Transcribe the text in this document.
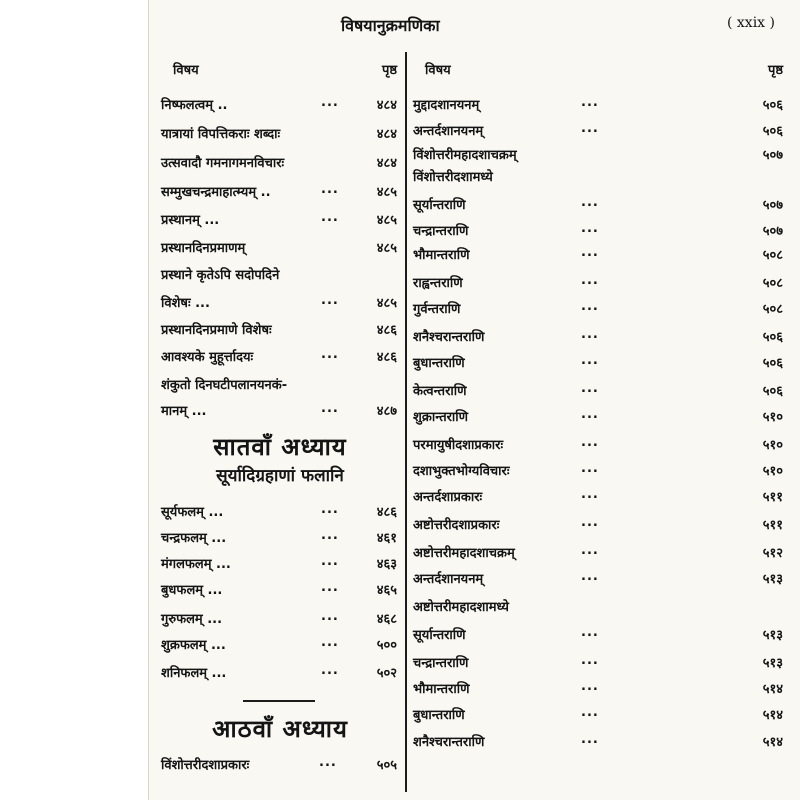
विषयानुक्रमणिका	( xxix )
विषय	पृष्ठ
निष्फलत्वम् ..	...	४८४
यात्रायां विपत्तिकराः शब्दाः	४८४
उत्सवादौ गमनागमनविचारः	४८४
सम्मुखचन्द्रमाहात्म्यम् ..	...	४८५
प्रस्थानम् ...	...	४८५
प्रस्थानदिनप्रमाणम्	४८५
प्रस्थाने कृतेऽपि सदोपदिने
विशेषः ...	...	४८५
प्रस्थानदिनप्रमाणे विशेषः	४८६
आवश्यके मुहूर्त्तादयः	...	४८६
शंकुतो दिनघटीपलानयनकं-
मानम् ...	...	४८७
सातवाँ अध्याय
सूर्यादिग्रहाणां फलानि
सूर्यफलम् ...	...	४८६
चन्द्रफलम् ...	...	४६१
मंगलफलम् ...	...	४६३
बुधफलम् ...	...	४६५
गुरुफलम् ...	...	४६८
शुक्रफलम् ...	...	५००
शनिफलम् ...	...	५०२
आठवाँ अध्याय
विंशोत्तरीदशाप्रकारः	...	५०५
विषय	पृष्ठ
मुद्दादशानयनम्	...	५०६
अन्तर्दशानयनम्	...	५०६
विंशोत्तरीमहादशाचक्रम्	५०७
विंशोत्तरीदशामध्ये
सूर्यान्तराणि	...	५०७
चन्द्रान्तराणि	...	५०७
भौमान्तराणि	...	५०८
राह्वन्तराणि	...	५०८
गुर्वन्तराणि	...	५०८
शनैश्चरान्तराणि	...	५०६
बुधान्तराणि	...	५०६
केत्वन्तराणि	...	५०६
शुक्रान्तराणि	...	५१०
परमायुषीदशाप्रकारः	...	५१०
दशाभुक्तभोग्यविचारः	...	५१०
अन्तर्दशाप्रकारः	...	५११
अष्टोत्तरीदशाप्रकारः	...	५११
अष्टोत्तरीमहादशाचक्रम्	...	५१२
अन्तर्दशानयनम्	...	५१३
अष्टोत्तरीमहादशामध्ये
सूर्यान्तराणि	...	५१३
चन्द्रान्तराणि	...	५१३
भौमान्तराणि	...	५१४
बुधान्तराणि	...	५१४
शनैश्चरान्तराणि	...	५१४
